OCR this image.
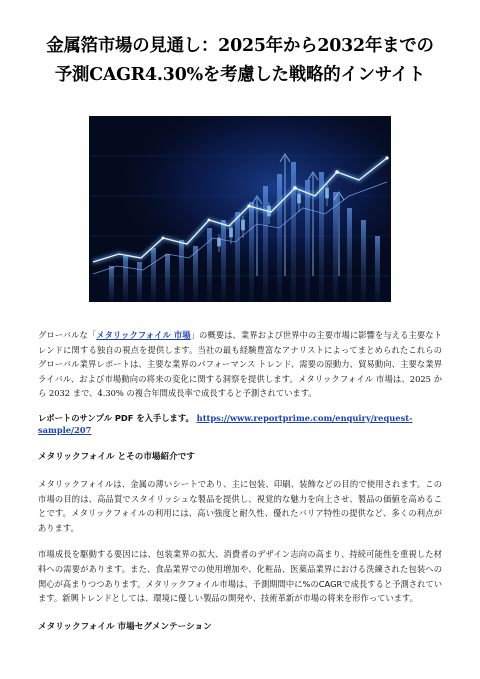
金属箔市場の見通し：2025年から2032年までの
予測CAGR4.30%を考慮した戦略的インサイト

グローバルな「メタリックフォイル 市場」の概要は、業界および世界中の主要市場に影響を与える主要なトレンドに関する独自の視点を提供します。当社の最も経験豊富なアナリストによってまとめられたこれらのグローバル業界レポートは、主要な業界のパフォーマンス トレンド、需要の原動力、貿易動向、主要な業界ライバル、および市場動向の将来の変化に関する洞察を提供します。メタリックフォイル 市場は、2025 から 2032 まで、4.30% の複合年間成長率で成長すると予測されています。

レポートのサンプル PDF を入手します。 https://www.reportprime.com/enquiry/request-sample/207

メタリックフォイル とその市場紹介です

メタリックフォイルは、金属の薄いシートであり、主に包装、印刷、装飾などの目的で使用されます。この市場の目的は、高品質でスタイリッシュな製品を提供し、視覚的な魅力を向上させ、製品の価値を高めることです。メタリックフォイルの利用には、高い強度と耐久性、優れたバリア特性の提供など、多くの利点があります。

市場成長を駆動する要因には、包装業界の拡大、消費者のデザイン志向の高まり、持続可能性を重視した材料への需要があります。また、食品業界での使用増加や、化粧品、医薬品業界における洗練された包装への関心が高まりつつあります。メタリックフォイル市場は、予測期間中に%のCAGRで成長すると予測されています。新興トレンドとしては、環境に優しい製品の開発や、技術革新が市場の将来を形作っています。

メタリックフォイル 市場セグメンテーション
